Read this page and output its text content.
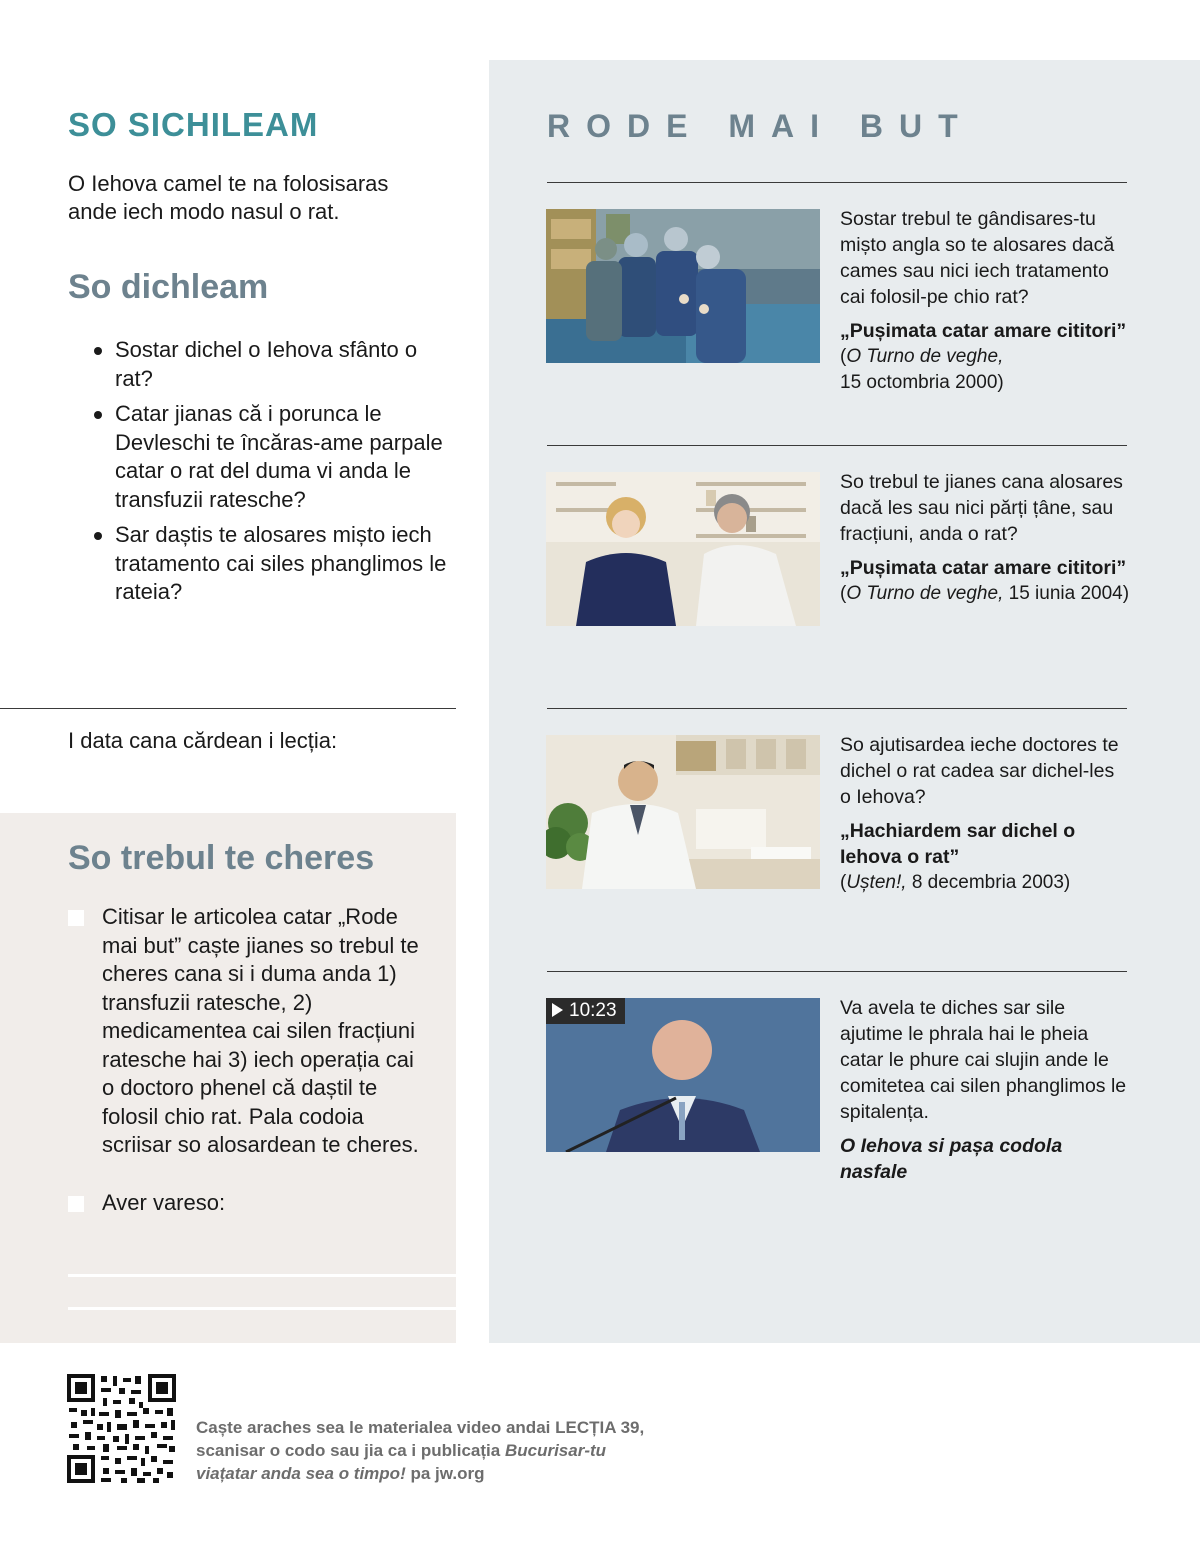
SO SICHILEAM

O Iehova camel te na folosisaras ande iech modo nasul o rat.

So dichleam
Sostar dichel o Iehova sfânto o rat?
Catar jianas că i porunca le Devleschi te încăras-ame parpale catar o rat del duma vi anda le transfuzii ratesche?
Sar daștis te alosares mișto iech tratamento cai siles phanglimos le rateia?

I data cana cărdean i lecția:

So trebul te cheres
Citisar le articolea catar „Rode mai but” caște jianes so trebul te cheres cana si i duma anda 1) transfuzii ratesche, 2) medicamentea cai silen fracțiuni ratesche hai 3) iech operația cai o doctoro phenel că daștil te folosil chio rat. Pala codoia scriisar so alosardean te cheres.
Aver vareso:
RODE MAI BUT

Sostar trebul te gândisares-tu mișto angla so te alosares dacă cames sau nici iech tratamento cai folosil-pe chio rat?

„Pușimata catar amare cititori”

(O Turno de veghe,
15 octombria 2000)

So trebul te jianes cana alosares dacă les sau nici părți țâne, sau fracțiuni, anda o rat?

„Pușimata catar amare cititori”

(O Turno de veghe, 15 iunia 2004)

So ajutisardea ieche doctores te dichel o rat cadea sar dichel-les o Iehova?

„Hachiardem sar dichel o Iehova o rat”

(Ușten!, 8 decembria 2003)

10:23	Va avela te diches sar sile ajutime le phrala hai le pheia catar le phure cai slujin ande le comitetea cai silen phanglimos le spitalența.

O Iehova si pașa codola nasfale

Caște araches sea le materialea video andai LECȚIA 39,
scanisar o codo sau jia ca i publicația Bucurisar-tu
viațatar anda sea o timpo! pa jw.org
